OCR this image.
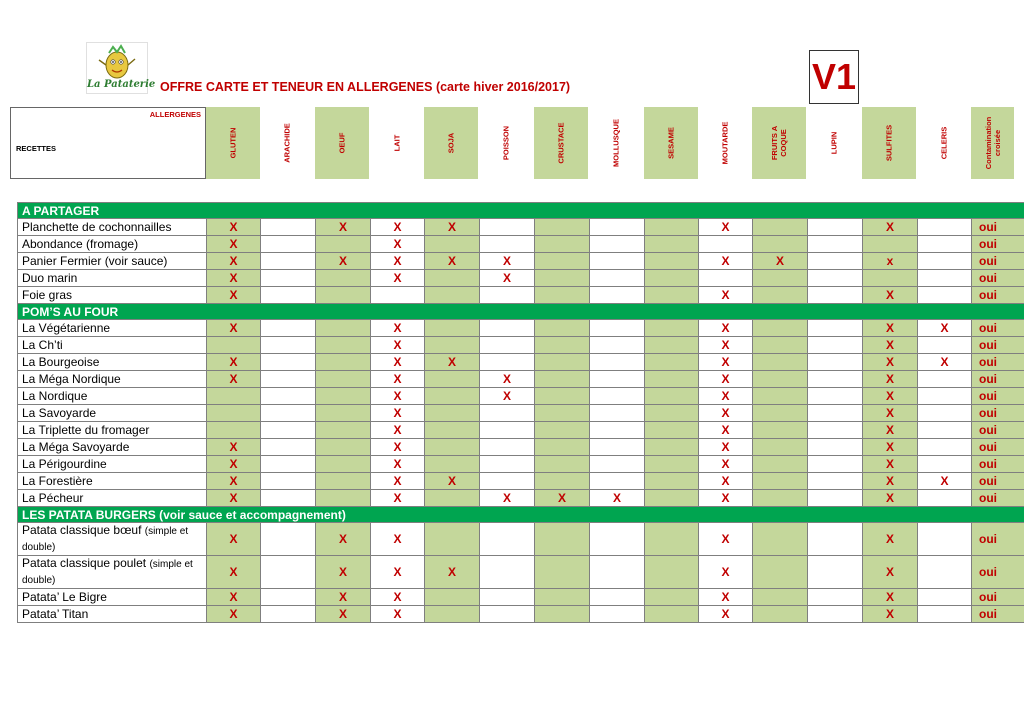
La Pataterie OFFRE CARTE ET TENEUR EN ALLERGENES (carte hiver 2016/2017)	V1
ALLERGENES
RECETTES	GLUTEN	ARACHIDE	OEUF	LAIT	SOJA	POISSON	CRUSTACE	MOLLUSQUE	SESAME	MOUTARDE	FRUITS A COQUE	LUPIN	SULFITES	CELERIS	Contamination croisée
A PARTAGER															
Planchette de cochonnailles	X		X	X	X					X			X		oui
Abondance (fromage)	X			X											oui
Panier Fermier (voir sauce)	X		X	X	X	X				X	X		x		oui
Duo marin	X			X		X									oui
Foie gras	X									X			X		oui
POM’S AU FOUR															
La Végétarienne	X			X						X			X	X	oui
La Ch’ti				X						X			X		oui
La Bourgeoise	X			X	X					X			X	X	oui
La Méga Nordique	X			X		X				X			X		oui
La Nordique				X		X				X			X		oui
La Savoyarde				X						X			X		oui
La Triplette du fromager				X						X			X		oui
La Méga Savoyarde	X			X						X			X		oui
La Périgourdine	X			X						X			X		oui
La Forestière	X			X	X					X			X	X	oui
La Pécheur	X			X		X	X	X		X			X		oui
LES PATATA BURGERS (voir sauce et accompagnement)															
Patata classique bœuf (simple et double)	X		X	X						X			X		oui
Patata classique poulet (simple et double)	X		X	X	X					X			X		oui
Patata’ Le Bigre	X		X	X						X			X		oui
Patata’ Titan	X		X	X						X			X		oui
